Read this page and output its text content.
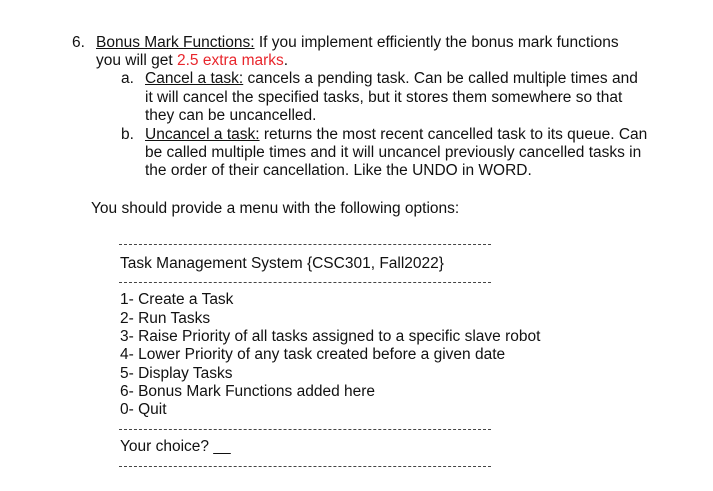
6. Bonus Mark Functions: If you implement efficiently the bonus mark functions
you will get 2.5 extra marks.
a. Cancel a task: cancels a pending task. Can be called multiple times and
it will cancel the specified tasks, but it stores them somewhere so that
they can be uncancelled.
b. Uncancel a task: returns the most recent cancelled task to its queue. Can
be called multiple times and it will uncancel previously cancelled tasks in
the order of their cancellation. Like the UNDO in WORD.
You should provide a menu with the following options:
Task Management System {CSC301, Fall2022}
1- Create a Task
2- Run Tasks
3- Raise Priority of all tasks assigned to a specific slave robot
4- Lower Priority of any task created before a given date
5- Display Tasks
6- Bonus Mark Functions added here
0- Quit
Your choice? __
